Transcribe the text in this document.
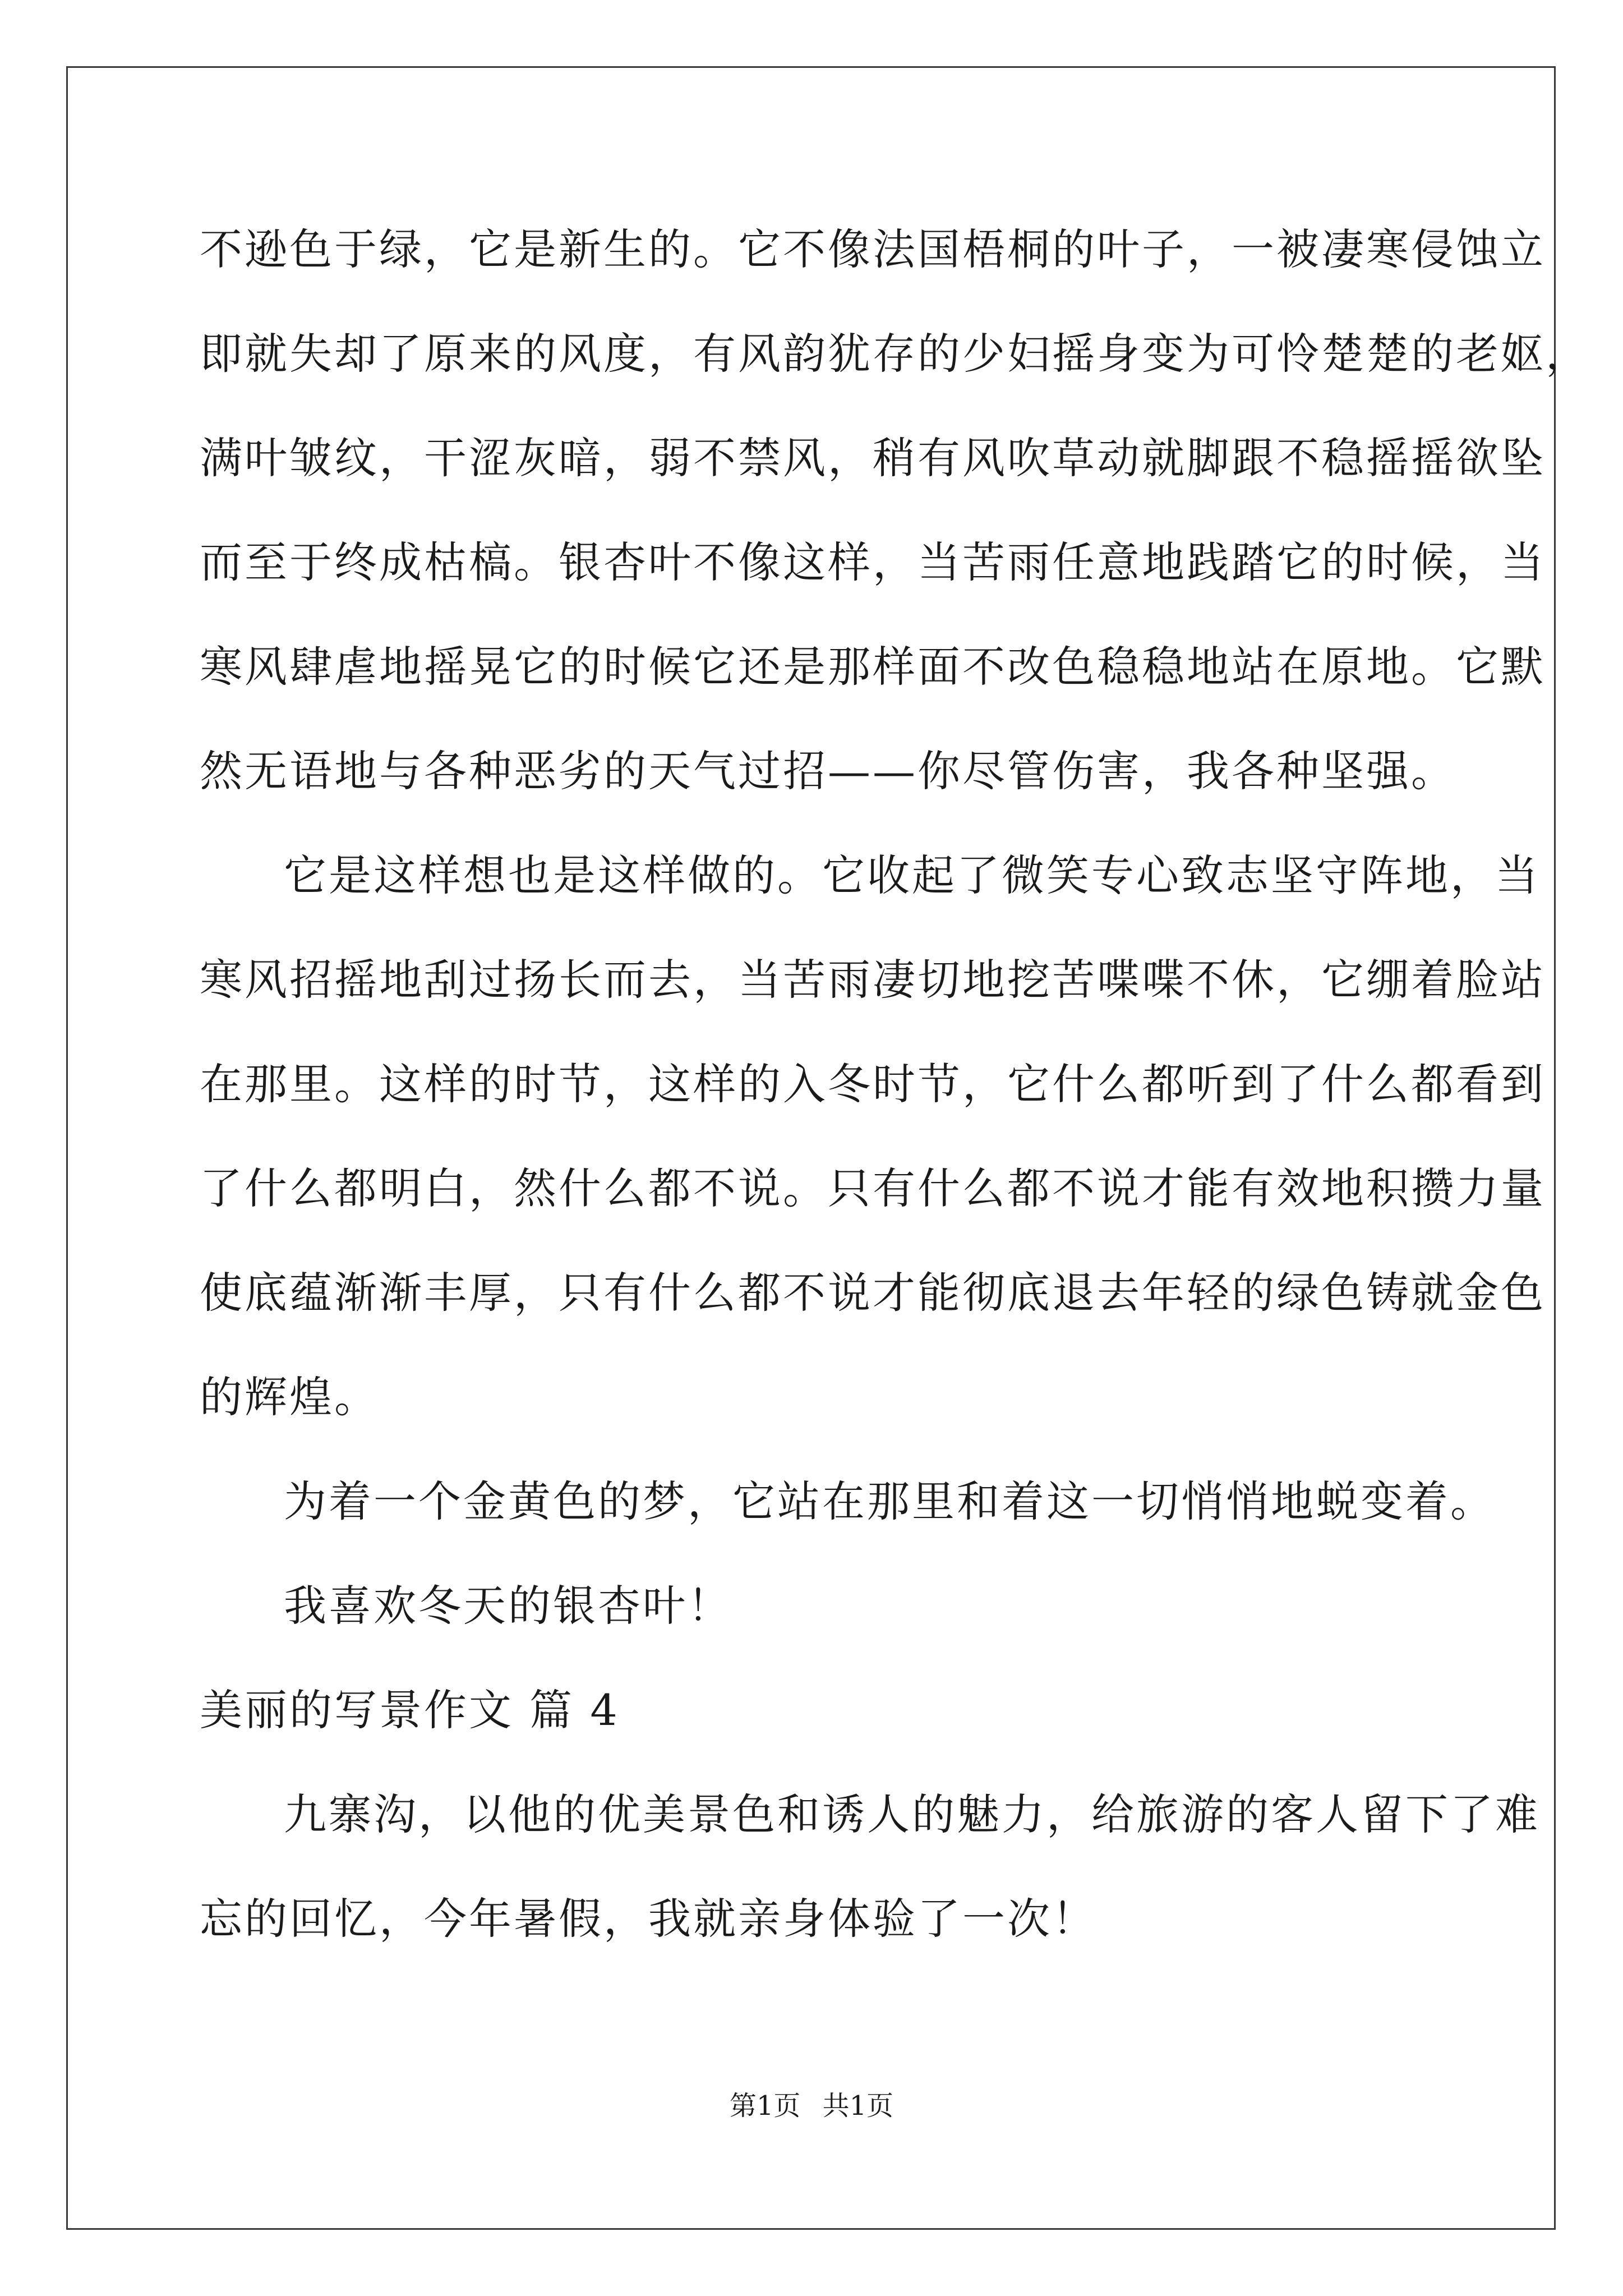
不逊色于绿，它是新生的。它不像法国梧桐的叶子，一被凄寒侵蚀立
即就失却了原来的风度，有风韵犹存的少妇摇身变为可怜楚楚的老妪，
满叶皱纹，干涩灰暗，弱不禁风，稍有风吹草动就脚跟不稳摇摇欲坠
而至于终成枯槁。银杏叶不像这样，当苦雨任意地践踏它的时候，当
寒风肆虐地摇晃它的时候它还是那样面不改色稳稳地站在原地。它默
然无语地与各种恶劣的天气过招——你尽管伤害，我各种坚强。
它是这样想也是这样做的。它收起了微笑专心致志坚守阵地，当
寒风招摇地刮过扬长而去，当苦雨凄切地挖苦喋喋不休，它绷着脸站
在那里。这样的时节，这样的入冬时节，它什么都听到了什么都看到
了什么都明白，然什么都不说。只有什么都不说才能有效地积攒力量
使底蕴渐渐丰厚，只有什么都不说才能彻底退去年轻的绿色铸就金色
的辉煌。
为着一个金黄色的梦，它站在那里和着这一切悄悄地蜕变着。
我喜欢冬天的银杏叶！
美丽的写景作文 篇 4
九寨沟，以他的优美景色和诱人的魅力，给旅游的客人留下了难
忘的回忆，今年暑假，我就亲身体验了一次！
第1页 共1页
